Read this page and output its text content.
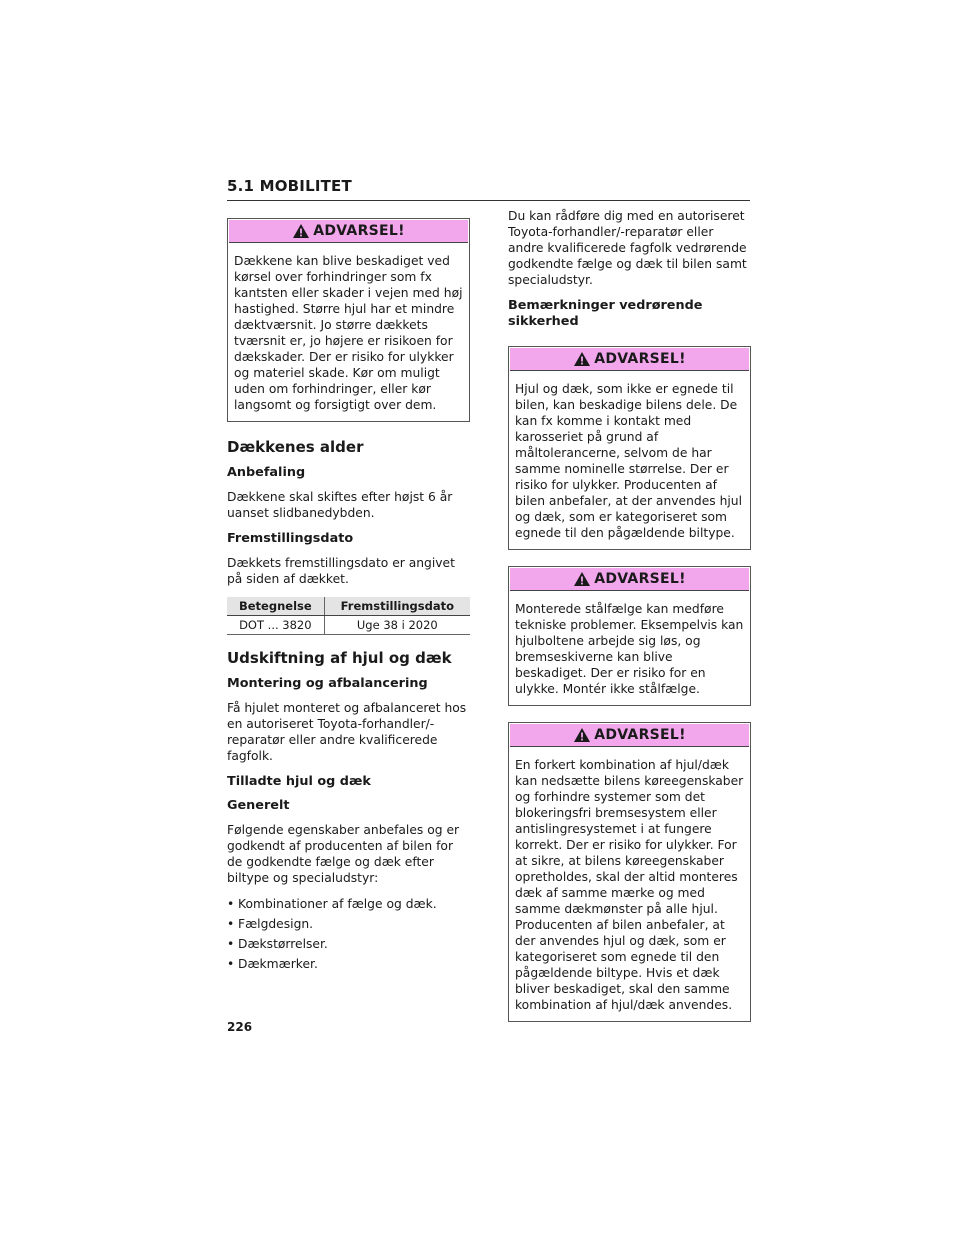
5.1 MOBILITET
ADVARSEL!

Dækkene kan blive beskadiget ved kørsel over forhindringer som fx kantsten eller skader i vejen med høj hastighed. Større hjul har et mindre dæktværsnit. Jo større dækkets tværsnit er, jo højere er risikoen for dækskader. Der er risiko for ulykker og materiel skade. Kør om muligt uden om forhindringer, eller kør langsomt og forsigtigt over dem.

Dækkenes alder
Anbefaling

Dækkene skal skiftes efter højst 6 år uanset slidbanedybden.

Fremstillingsdato

Dækkets fremstillingsdato er angivet på siden af dækket.

Betegnelse	Fremstillingsdato
DOT ... 3820	Uge 38 i 2020
Udskiftning af hjul og dæk
Montering og afbalancering

Få hjulet monteret og afbalanceret hos en autoriseret Toyota-forhandler/-reparatør eller andre kvalificerede fagfolk.

Tilladte hjul og dæk
Generelt

Følgende egenskaber anbefales og er godkendt af producenten af bilen for de godkendte fælge og dæk efter biltype og specialudstyr:

• Kombinationer af fælge og dæk.
• Fælgdesign.
• Dækstørrelser.
• Dækmærker.

Du kan rådføre dig med en autoriseret Toyota-forhandler/-reparatør eller andre kvalificerede fagfolk vedrørende godkendte fælge og dæk til bilen samt specialudstyr.

Bemærkninger vedrørende sikkerhed
ADVARSEL!

Hjul og dæk, som ikke er egnede til bilen, kan beskadige bilens dele. De kan fx komme i kontakt med karosseriet på grund af måltolerancerne, selvom de har samme nominelle størrelse. Der er risiko for ulykker. Producenten af bilen anbefaler, at der anvendes hjul og dæk, som er kategoriseret som egnede til den pågældende biltype.

ADVARSEL!

Monterede stålfælge kan medføre tekniske problemer. Eksempelvis kan hjulboltene arbejde sig løs, og bremseskiverne kan blive beskadiget. Der er risiko for en ulykke. Montér ikke stålfælge.

ADVARSEL!

En forkert kombination af hjul/dæk kan nedsætte bilens køreegenskaber og forhindre systemer som det blokeringsfri bremsesystem eller antislingresystemet i at fungere korrekt. Der er risiko for ulykker. For at sikre, at bilens køreegenskaber opretholdes, skal der altid monteres dæk af samme mærke og med samme dækmønster på alle hjul. Producenten af bilen anbefaler, at der anvendes hjul og dæk, som er kategoriseret som egnede til den pågældende biltype. Hvis et dæk bliver beskadiget, skal den samme kombination af hjul/dæk anvendes.

226
